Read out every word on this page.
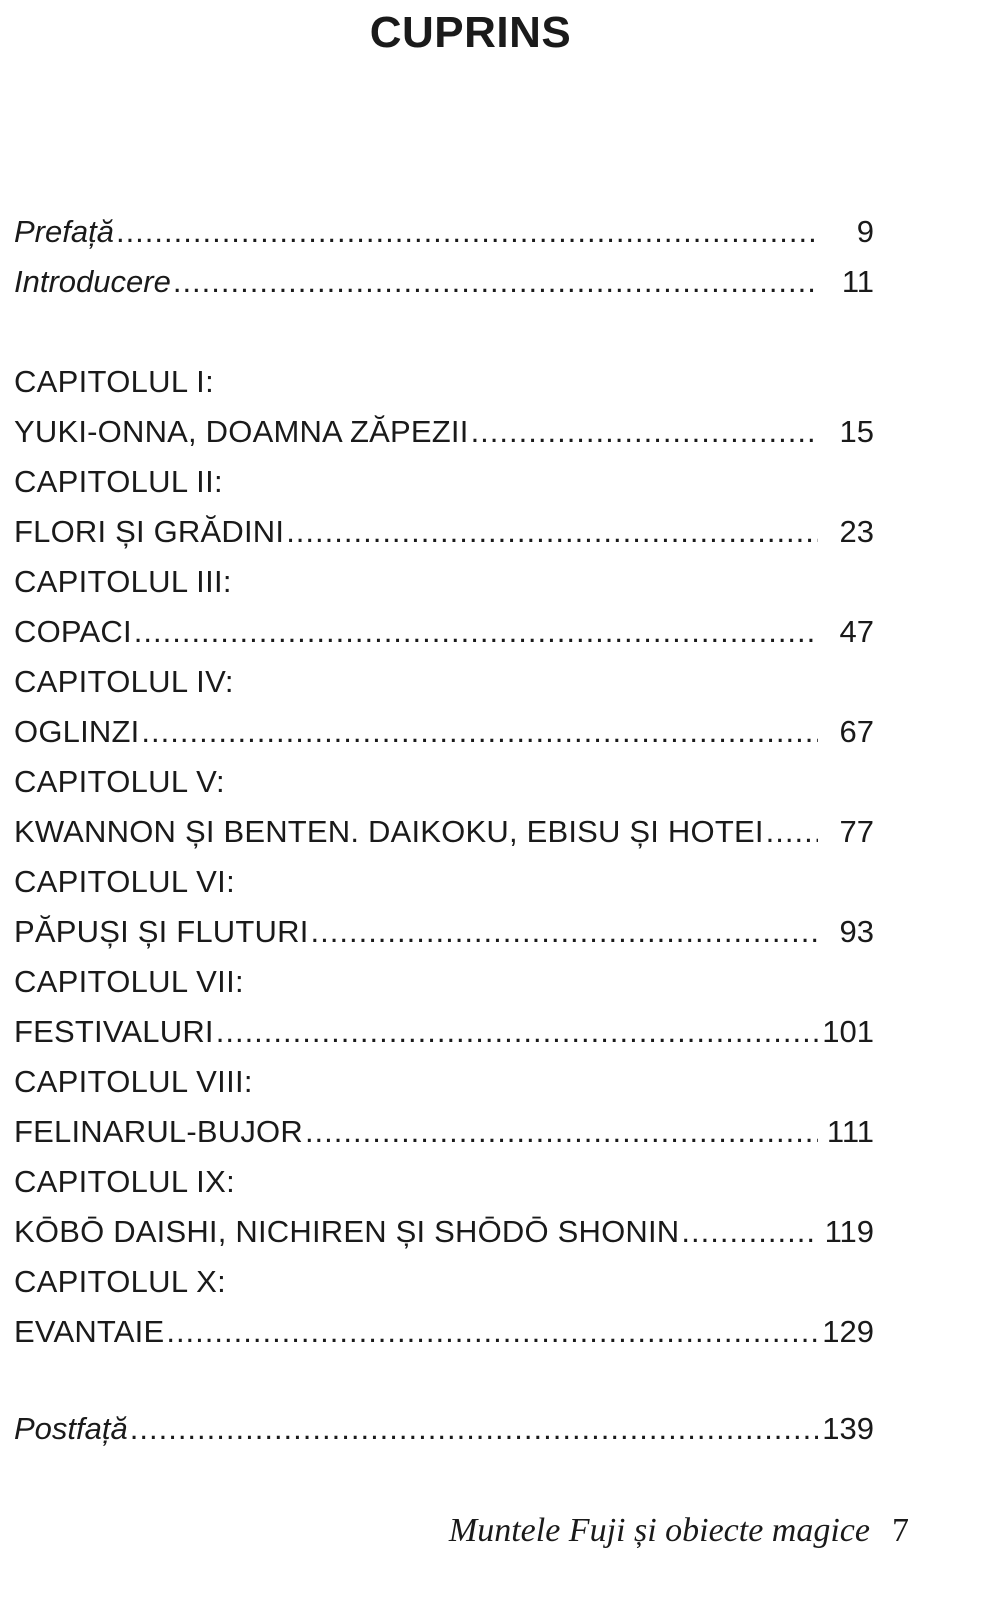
CUPRINS
Prefață .....	9
Introducere .....	11
CAPITOLUL I:
YUKI-ONNA, DOAMNA ZĂPEZII .....	15
CAPITOLUL II:
FLORI ȘI GRĂDINI .....	23
CAPITOLUL III:
COPACI .....	47
CAPITOLUL IV:
OGLINZI .....	67
CAPITOLUL V:
KWANNON ȘI BENTEN. DAIKOKU, EBISU ȘI HOTEI .....	77
CAPITOLUL VI:
PĂPUȘI ȘI FLUTURI .....	93
CAPITOLUL VII:
FESTIVALURI .....	101
CAPITOLUL VIII:
FELINARUL-BUJOR .....	111
CAPITOLUL IX:
KŌBŌ DAISHI, NICHIREN ȘI SHŌDŌ SHONIN .....	119
CAPITOLUL X:
EVANTAIE .....	129
Postfață .....	139
Muntele Fuji și obiecte magice 7
